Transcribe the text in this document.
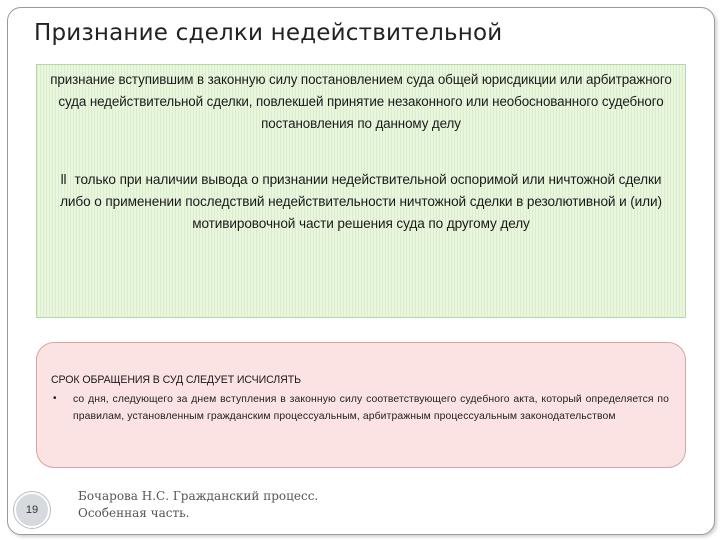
Признание сделки недействительной
признание вступившим в законную силу постановлением суда общей юрисдикции или арбитражного суда недействительной сделки, повлекшей принятие незаконного или необоснованного судебного постановления по данному делу
ll только при наличии вывода о признании недействительной оспоримой или ничтожной сделки либо о применении последствий недействительности ничтожной сделки в резолютивной и (или) мотивировочной части решения суда по другому делу
СРОК ОБРАЩЕНИЯ В СУД СЛЕДУЕТ ИСЧИСЛЯТЬ
• со дня, следующего за днем вступления в законную силу соответствующего судебного акта, который определяется по правилам, установленным гражданским процессуальным, арбитражным процессуальным законодательством
19
Бочарова Н.С. Гражданский процесс.
Особенная часть.
